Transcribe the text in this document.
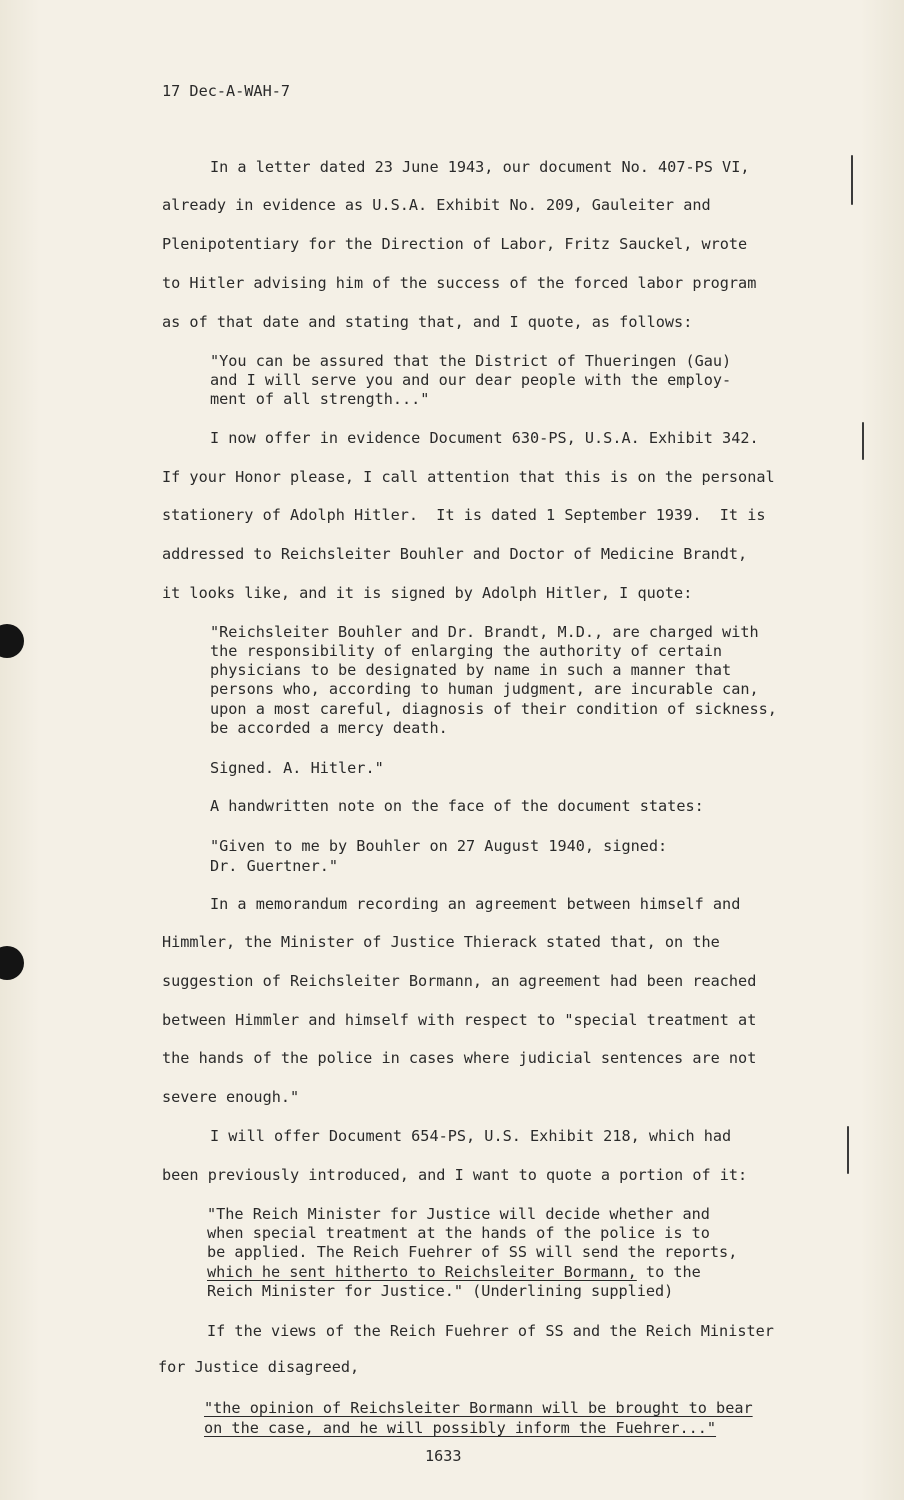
17 Dec-A-WAH-7
In a letter dated 23 June 1943, our document No. 407-PS VI,
already in evidence as U.S.A. Exhibit No. 209, Gauleiter and
Plenipotentiary for the Direction of Labor, Fritz Sauckel, wrote
to Hitler advising him of the success of the forced labor program
as of that date and stating that, and I quote, as follows:
"You can be assured that the District of Thueringen (Gau)
and I will serve you and our dear people with the employ-
ment of all strength..."
I now offer in evidence Document 630-PS, U.S.A. Exhibit 342.
If your Honor please, I call attention that this is on the personal
stationery of Adolph Hitler.  It is dated 1 September 1939.  It is
addressed to Reichsleiter Bouhler and Doctor of Medicine Brandt,
it looks like, and it is signed by Adolph Hitler, I quote:
"Reichsleiter Bouhler and Dr. Brandt, M.D., are charged with
the responsibility of enlarging the authority of certain
physicians to be designated by name in such a manner that
persons who, according to human judgment, are incurable can,
upon a most careful, diagnosis of their condition of sickness,
be accorded a mercy death.
Signed. A. Hitler."
A handwritten note on the face of the document states:
"Given to me by Bouhler on 27 August 1940, signed:
Dr. Guertner."
In a memorandum recording an agreement between himself and
Himmler, the Minister of Justice Thierack stated that, on the
suggestion of Reichsleiter Bormann, an agreement had been reached
between Himmler and himself with respect to "special treatment at
the hands of the police in cases where judicial sentences are not
severe enough."
I will offer Document 654-PS, U.S. Exhibit 218, which had
been previously introduced, and I want to quote a portion of it:
"The Reich Minister for Justice will decide whether and
when special treatment at the hands of the police is to
be applied. The Reich Fuehrer of SS will send the reports,
which he sent hitherto to Reichsleiter Bormann, to the
Reich Minister for Justice." (Underlining supplied)
If the views of the Reich Fuehrer of SS and the Reich Minister
for Justice disagreed,
"the opinion of Reichsleiter Bormann will be brought to bear
on the case, and he will possibly inform the Fuehrer..."
1633
